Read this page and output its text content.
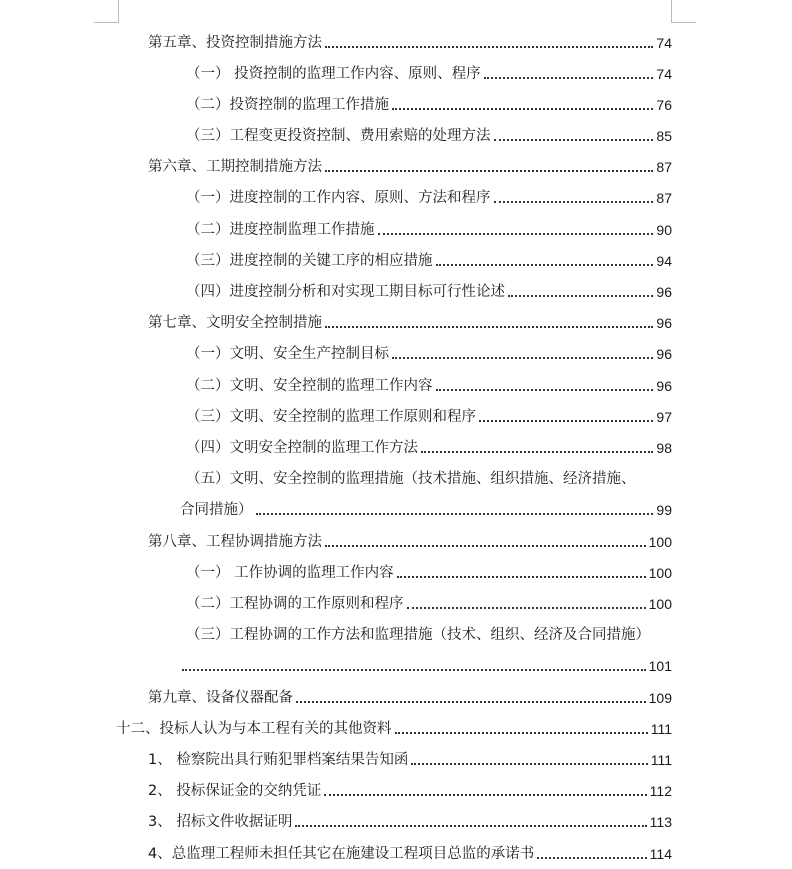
第五章、投资控制措施方法	74
（一） 投资控制的监理工作内容、原则、程序	74
（二）投资控制的监理工作措施	76
（三）工程变更投资控制、费用索赔的处理方法	85
第六章、工期控制措施方法	87
（一）进度控制的工作内容、原则、方法和程序	87
（二）进度控制监理工作措施	90
（三）进度控制的关键工序的相应措施	94
（四）进度控制分析和对实现工期目标可行性论述	96
第七章、文明安全控制措施	96
（一）文明、安全生产控制目标	96
（二）文明、安全控制的监理工作内容	96
（三）文明、安全控制的监理工作原则和程序	97
（四）文明安全控制的监理工作方法	98
（五）文明、安全控制的监理措施（技术措施、组织措施、经济措施、
合同措施）	99
第八章、工程协调措施方法	100
（一） 工作协调的监理工作内容	100
（二）工程协调的工作原则和程序	100
（三）工程协调的工作方法和监理措施（技术、组织、经济及合同措施）
101
第九章、设备仪器配备	109
十二、投标人认为与本工程有关的其他资料	111
1、 检察院出具行贿犯罪档案结果告知函	111
2、 投标保证金的交纳凭证	112
3、 招标文件收据证明	113
4、总监理工程师未担任其它在施建设工程项目总监的承诺书	114
